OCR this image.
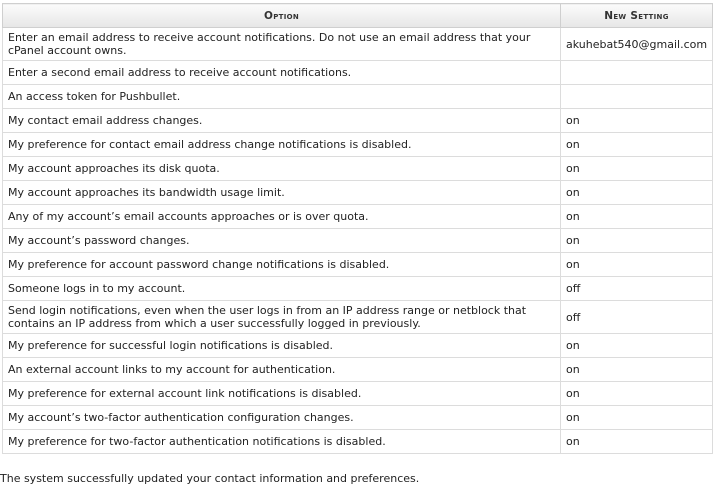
Option	New Setting
Enter an email address to receive account notifications. Do not use an email address that your cPanel account owns.	akuhebat540@gmail.com
Enter a second email address to receive account notifications.	
An access token for Pushbullet.	
My contact email address changes.	on
My preference for contact email address change notifications is disabled.	on
My account approaches its disk quota.	on
My account approaches its bandwidth usage limit.	on
Any of my account’s email accounts approaches or is over quota.	on
My account’s password changes.	on
My preference for account password change notifications is disabled.	on
Someone logs in to my account.	off
Send login notifications, even when the user logs in from an IP address range or netblock that contains an IP address from which a user successfully logged in previously.	off
My preference for successful login notifications is disabled.	on
An external account links to my account for authentication.	on
My preference for external account link notifications is disabled.	on
My account’s two-factor authentication configuration changes.	on
My preference for two-factor authentication notifications is disabled.	on
The system successfully updated your contact information and preferences.
